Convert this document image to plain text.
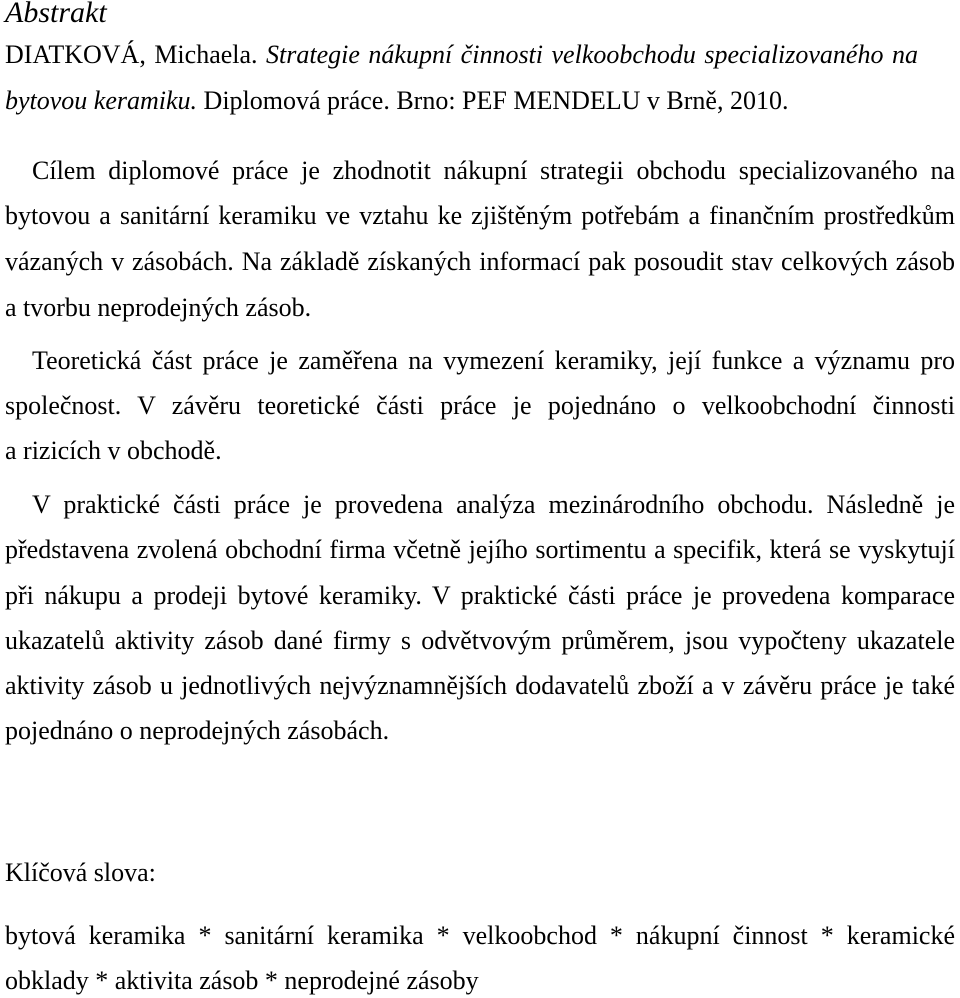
Abstrakt
DIATKOVÁ, Michaela. Strategie nákupní činnosti velkoobchodu specializovaného na
bytovou keramiku. Diplomová práce. Brno: PEF MENDELU v Brně, 2010.
Cílem diplomové práce je zhodnotit nákupní strategii obchodu specializovaného na
bytovou a sanitární keramiku ve vztahu ke zjištěným potřebám a finančním prostředkům
vázaných v zásobách. Na základě získaných informací pak posoudit stav celkových zásob
a tvorbu neprodejných zásob.
Teoretická část práce je zaměřena na vymezení keramiky, její funkce a významu pro
společnost. V závěru teoretické části práce je pojednáno o velkoobchodní činnosti
a rizicích v obchodě.
V praktické části práce je provedena analýza mezinárodního obchodu. Následně je
představena zvolená obchodní firma včetně jejího sortimentu a specifik, která se vyskytují
při nákupu a prodeji bytové keramiky. V praktické části práce je provedena komparace
ukazatelů aktivity zásob dané firmy s odvětvovým průměrem, jsou vypočteny ukazatele
aktivity zásob u jednotlivých nejvýznamnějších dodavatelů zboží a v závěru práce je také
pojednáno o neprodejných zásobách.
Klíčová slova:
bytová keramika * sanitární keramika * velkoobchod * nákupní činnost * keramické
obklady * aktivita zásob * neprodejné zásoby
